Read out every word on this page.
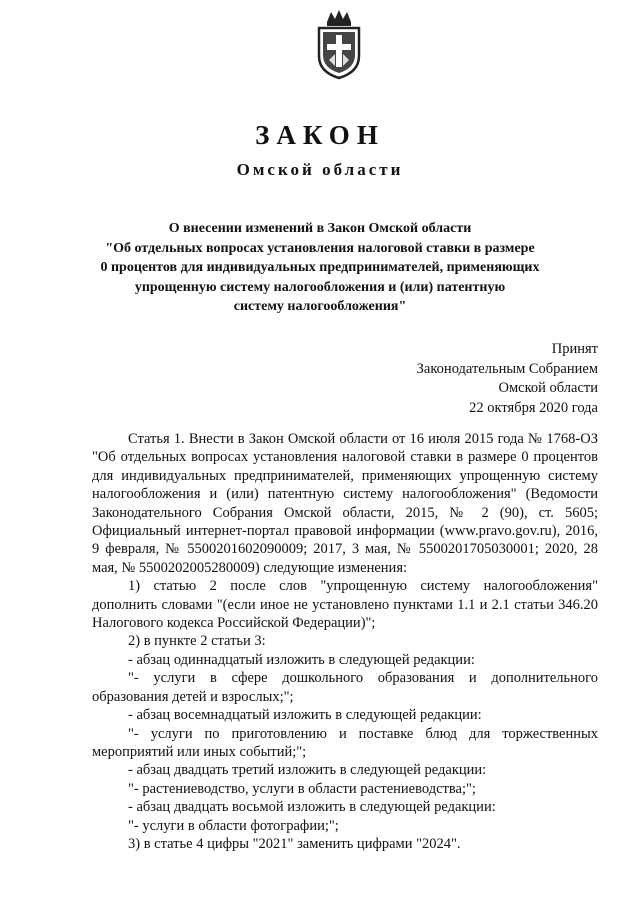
ЗАКОН
Омской области
О внесении изменений в Закон Омской области
"Об отдельных вопросах установления налоговой ставки в размере
0 процентов для индивидуальных предпринимателей, применяющих
упрощенную систему налогообложения и (или) патентную
систему налогообложения"
Принят
Законодательным Собранием
Омской области
22 октября 2020 года

Статья 1. Внести в Закон Омской области от 16 июля 2015 года № 1768-ОЗ "Об отдельных вопросах установления налоговой ставки в размере 0 процентов для индивидуальных предпринимателей, применяющих упрощенную систему налогообложения и (или) патентную систему налогообложения" (Ведомости Законодательного Собрания Омской области, 2015, № 2 (90), ст. 5605; Официальный интернет-портал правовой информации (www.pravo.gov.ru), 2016, 9 февраля, № 5500201602090009; 2017, 3 мая, № 5500201705030001; 2020, 28 мая, № 5500202005280009) следующие изменения:

1) статью 2 после слов "упрощенную систему налогообложения" дополнить словами "(если иное не установлено пунктами 1.1 и 2.1 статьи 346.20 Налогового кодекса Российской Федерации)";

2) в пункте 2 статьи 3:

- абзац одиннадцатый изложить в следующей редакции:

"- услуги в сфере дошкольного образования и дополнительного образования детей и взрослых;";

- абзац восемнадцатый изложить в следующей редакции:

"- услуги по приготовлению и поставке блюд для торжественных мероприятий или иных событий;";

- абзац двадцать третий изложить в следующей редакции:

"- растениеводство, услуги в области растениеводства;";

- абзац двадцать восьмой изложить в следующей редакции:

"- услуги в области фотографии;";

3) в статье 4 цифры "2021" заменить цифрами "2024".
